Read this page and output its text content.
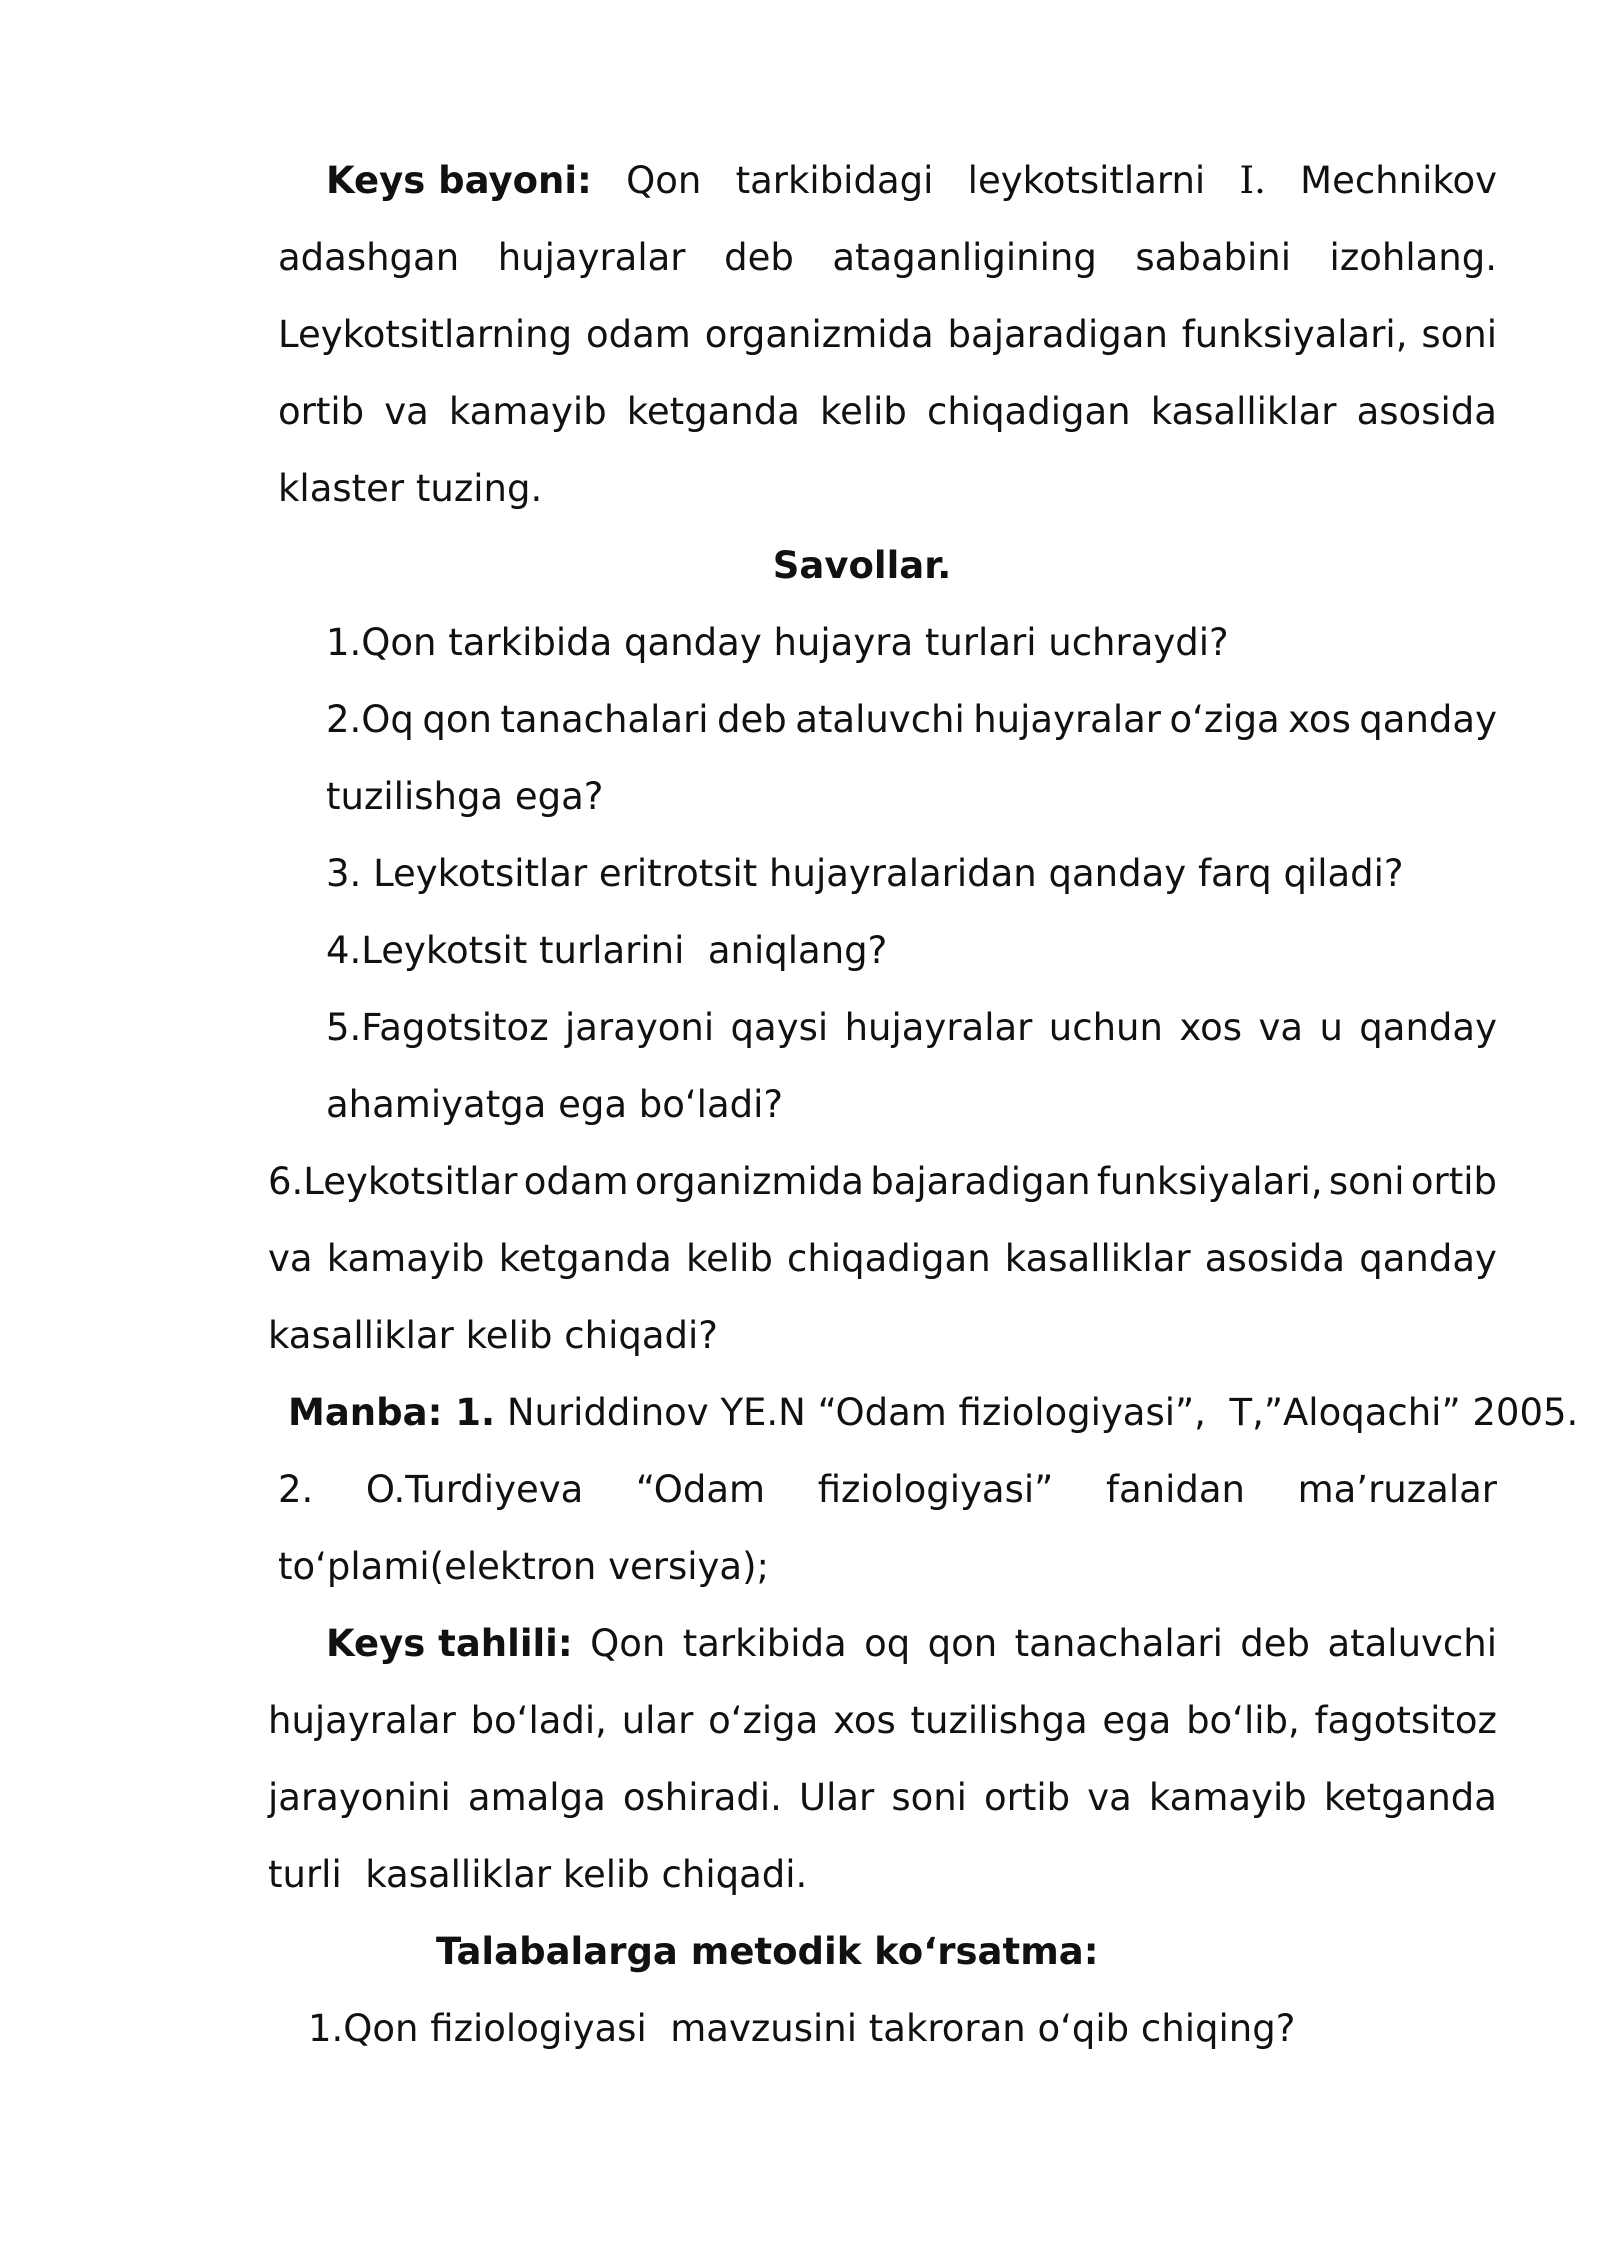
Keys bayoni: Qon tarkibidagi leykotsitlarni I. Mechnikov
adashgan hujayralar deb ataganligining sababini izohlang.
Leykotsitlarning odam organizmida bajaradigan funksiyalari, soni
ortib va kamayib ketganda kelib chiqadigan kasalliklar asosida
klaster tuzing.
Savollar.
1.Qon tarkibida qanday hujayra turlari uchraydi?
2.Oq qon tanachalari deb ataluvchi hujayralar o‘ziga xos qanday
tuzilishga ega?
3. Leykotsitlar eritrotsit hujayralaridan qanday farq qiladi?
4.Leykotsit turlarini  aniqlang?
5.Fagotsitoz jarayoni qaysi hujayralar uchun xos va u qanday
ahamiyatga ega bo‘ladi?
6.Leykotsitlar odam organizmida bajaradigan funksiyalari, soni ortib
va kamayib ketganda kelib chiqadigan kasalliklar asosida qanday
kasalliklar kelib chiqadi?
Manba: 1. Nuriddinov YE.N “Odam fiziologiyasi”,  T,”Aloqachi” 2005.
2. O.Turdiyeva “Odam fiziologiyasi” fanidan ma’ruzalar
to‘plami(elektron versiya);
Keys tahlili: Qon tarkibida oq qon tanachalari deb ataluvchi
hujayralar bo‘ladi, ular o‘ziga xos tuzilishga ega bo‘lib, fagotsitoz
jarayonini amalga oshiradi. Ular soni ortib va kamayib ketganda
turli  kasalliklar kelib chiqadi.
Talabalarga metodik ko‘rsatma:
1.Qon fiziologiyasi  mavzusini takroran o‘qib chiqing?
